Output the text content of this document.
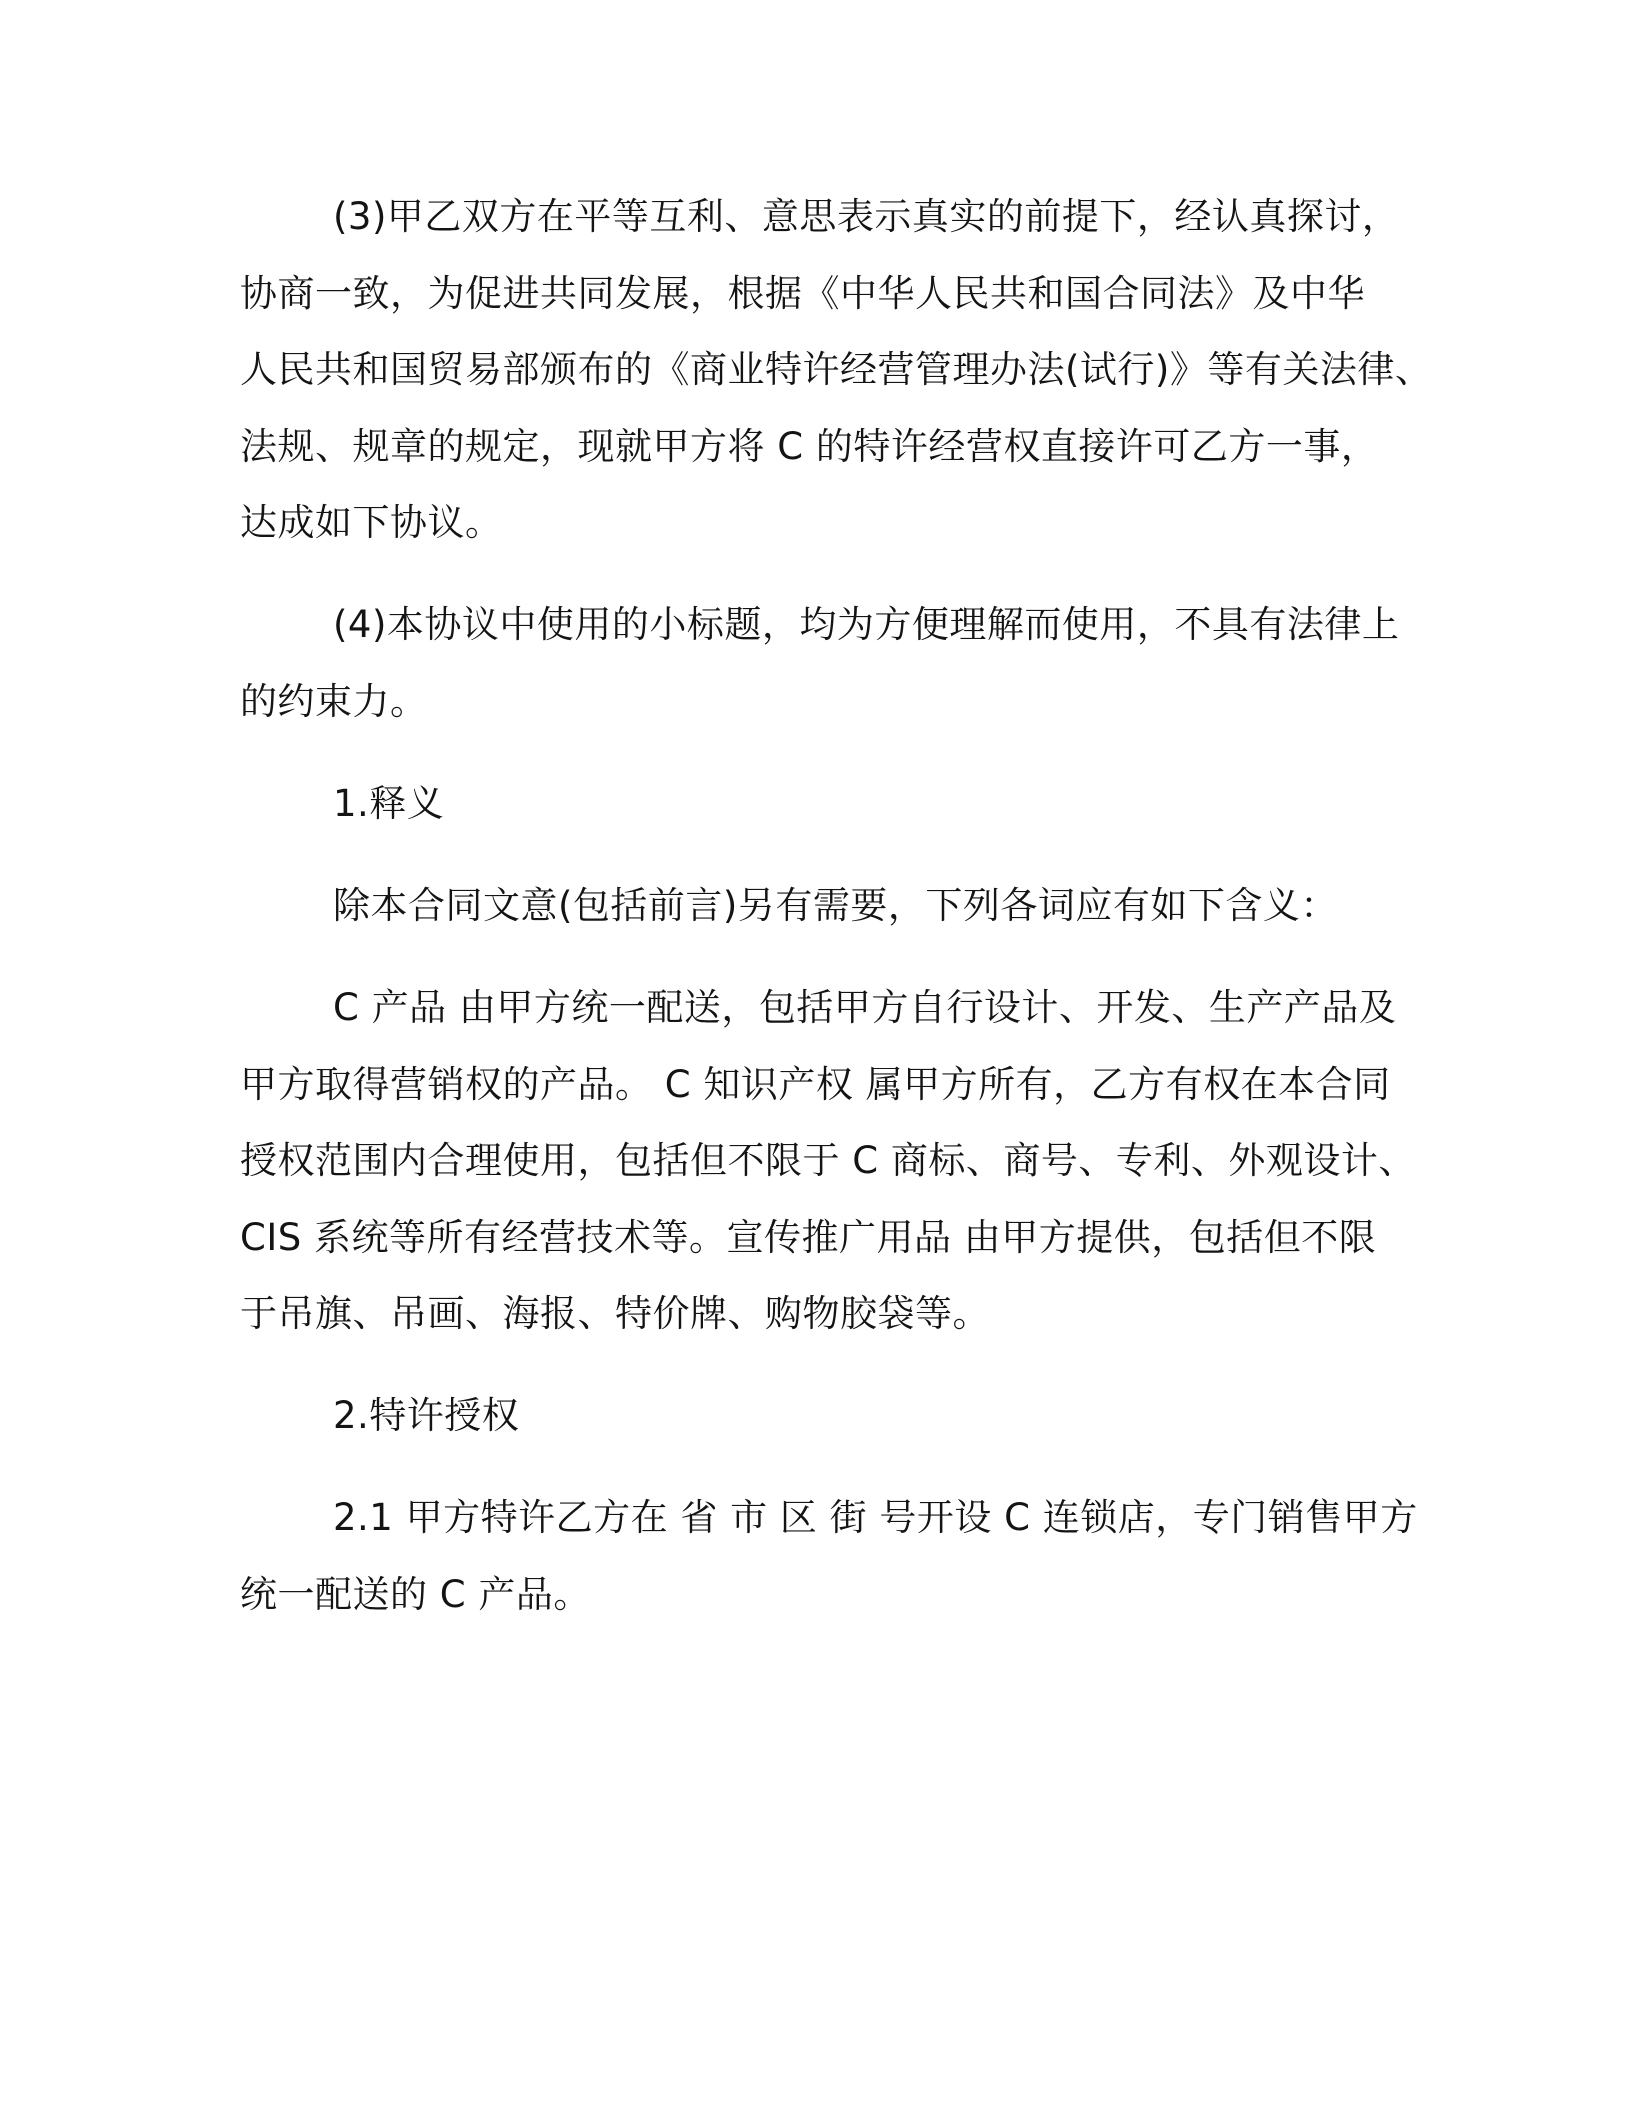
(3)甲乙双方在平等互利、意思表示真实的前提下，经认真探讨，

协商一致，为促进共同发展，根据《中华人民共和国合同法》及中华

人民共和国贸易部颁布的《商业特许经营管理办法(试行)》等有关法律、

法规、规章的规定，现就甲方将 C 的特许经营权直接许可乙方一事，

达成如下协议。

(4)本协议中使用的小标题，均为方便理解而使用，不具有法律上

的约束力。

1.释义

除本合同文意(包括前言)另有需要，下列各词应有如下含义：

C 产品 由甲方统一配送，包括甲方自行设计、开发、生产产品及

甲方取得营销权的产品。 C 知识产权 属甲方所有，乙方有权在本合同

授权范围内合理使用，包括但不限于 C 商标、商号、专利、外观设计、

CIS 系统等所有经营技术等。宣传推广用品 由甲方提供，包括但不限

于吊旗、吊画、海报、特价牌、购物胶袋等。

2.特许授权

2.1 甲方特许乙方在 省 市 区 街 号开设 C 连锁店，专门销售甲方

统一配送的 C 产品。
